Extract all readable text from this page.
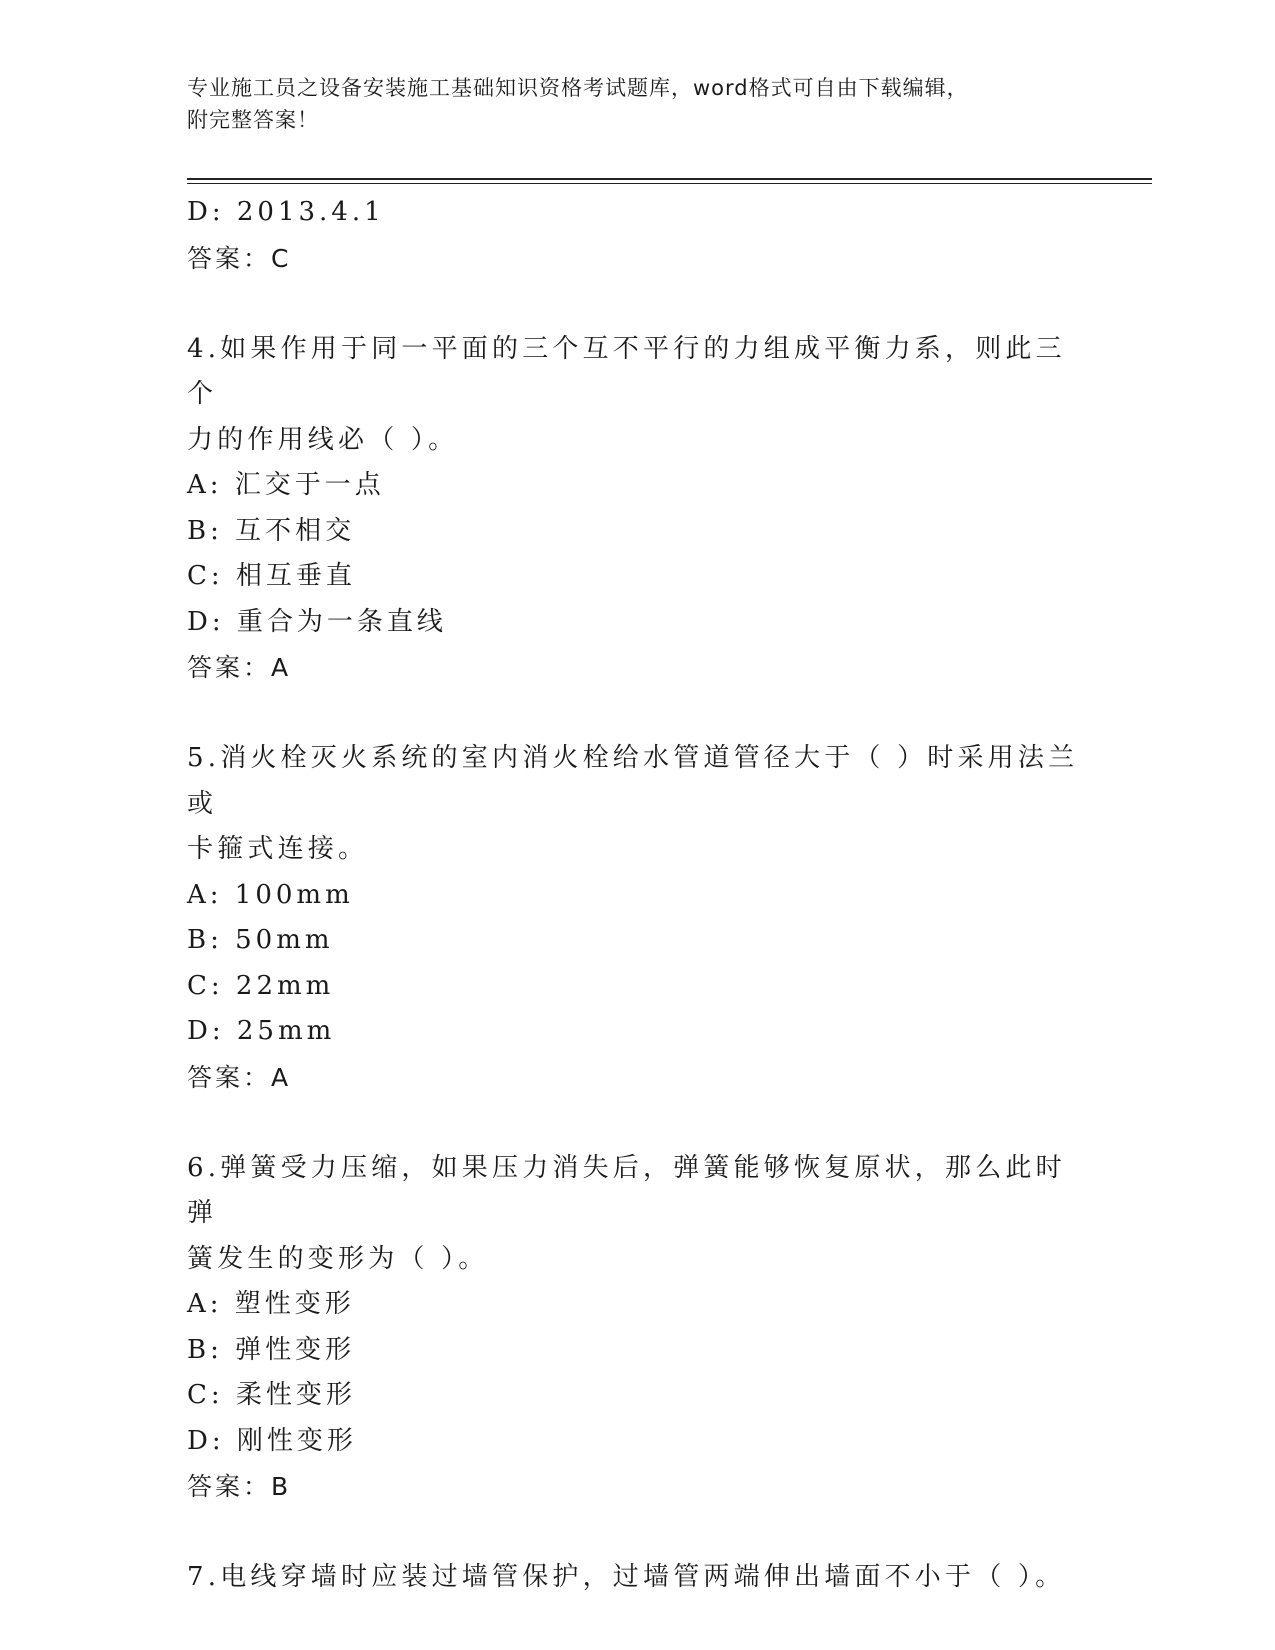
专业施工员之设备安装施工基础知识资格考试题库，word格式可自由下载编辑，
附完整答案！
D: 2013.4.1
答案：C
4.如果作用于同一平面的三个互不平行的力组成平衡力系，则此三个
力的作用线必（ ）。
A: 汇交于一点
B: 互不相交
C: 相互垂直
D: 重合为一条直线
答案：A
5.消火栓灭火系统的室内消火栓给水管道管径大于（ ）时采用法兰或
卡箍式连接。
A: 100mm
B: 50mm
C: 22mm
D: 25mm
答案：A
6.弹簧受力压缩，如果压力消失后，弹簧能够恢复原状，那么此时弹
簧发生的变形为（ ）。
A: 塑性变形
B: 弹性变形
C: 柔性变形
D: 刚性变形
答案：B
7.电线穿墙时应装过墙管保护，过墙管两端伸出墙面不小于（ ）。
